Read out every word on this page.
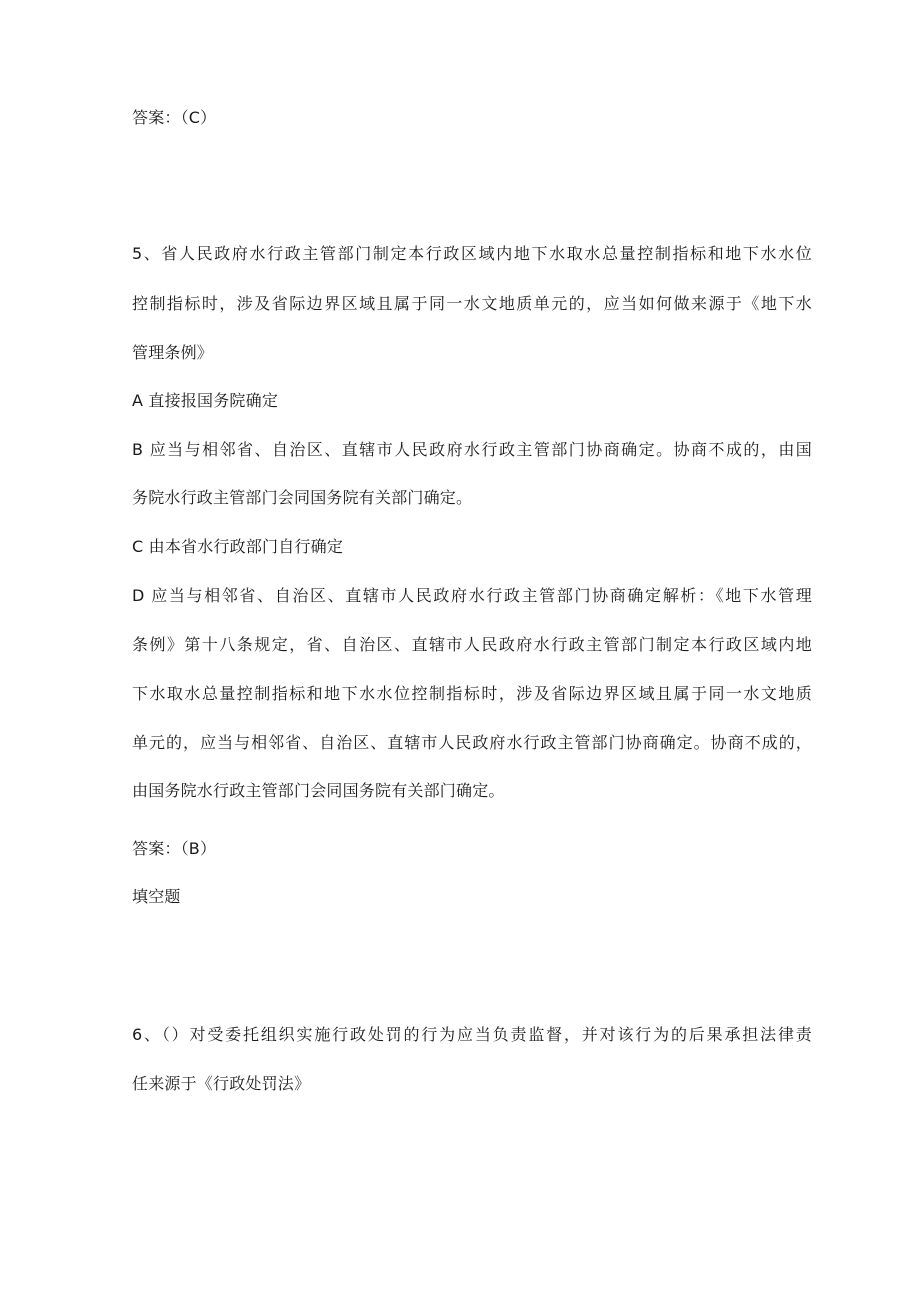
答案：（C）
5、省人民政府水行政主管部门制定本行政区域内地下水取水总量控制指标和地下水水位
控制指标时，涉及省际边界区域且属于同一水文地质单元的，应当如何做来源于《地下水
管理条例》
A 直接报国务院确定
B 应当与相邻省、自治区、直辖市人民政府水行政主管部门协商确定。协商不成的，由国
务院水行政主管部门会同国务院有关部门确定。
C 由本省水行政部门自行确定
D 应当与相邻省、自治区、直辖市人民政府水行政主管部门协商确定解析：《地下水管理
条例》第十八条规定，省、自治区、直辖市人民政府水行政主管部门制定本行政区域内地
下水取水总量控制指标和地下水水位控制指标时，涉及省际边界区域且属于同一水文地质
单元的，应当与相邻省、自治区、直辖市人民政府水行政主管部门协商确定。协商不成的，
由国务院水行政主管部门会同国务院有关部门确定。
答案：（B）
填空题
6、（）对受委托组织实施行政处罚的行为应当负责监督，并对该行为的后果承担法律责
任来源于《行政处罚法》
